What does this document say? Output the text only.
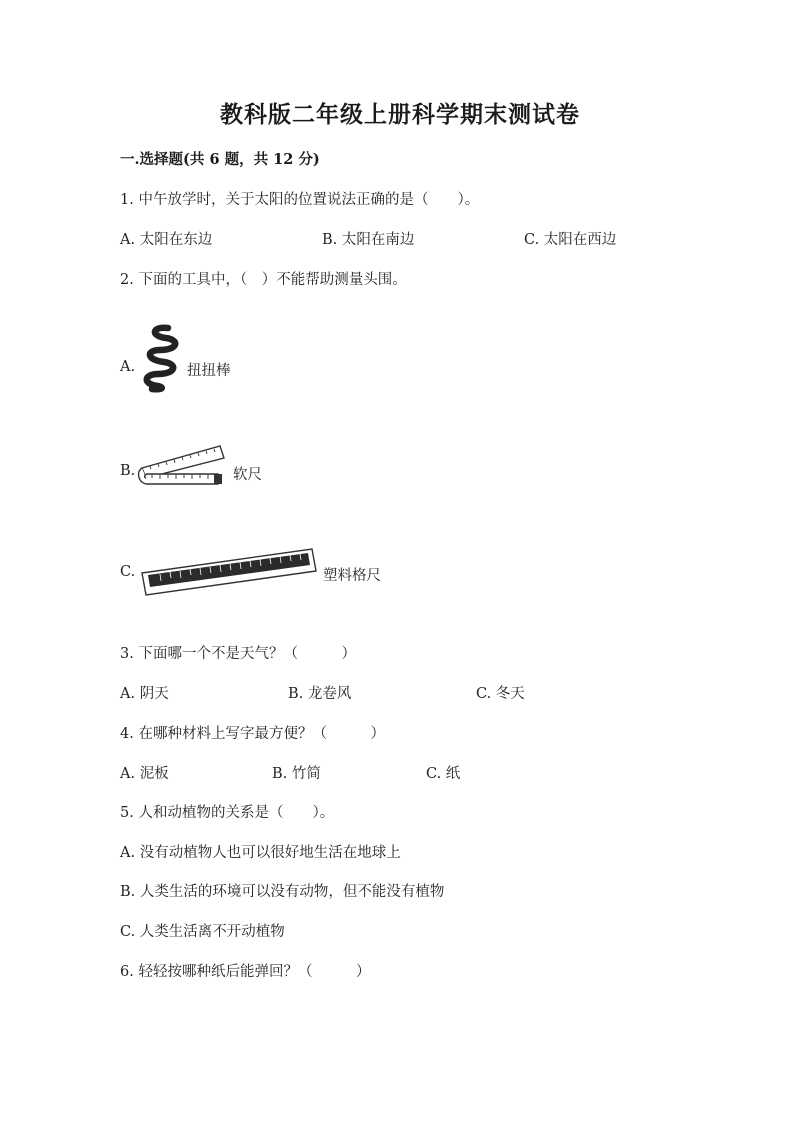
教科版二年级上册科学期末测试卷
一.选择题(共 6 题，共 12 分)
1. 中午放学时，关于太阳的位置说法正确的是（　　）。
A. 太阳在东边	B. 太阳在南边	C. 太阳在西边
2. 下面的工具中，（　）不能帮助测量头围。
A.	扭扭棒
B.	软尺
C.	塑料格尺
3. 下面哪一个不是天气？（　　　）
A. 阴天	B. 龙卷风	C. 冬天
4. 在哪种材料上写字最方便？（　　　）
A. 泥板	B. 竹简	C. 纸
5. 人和动植物的关系是（　　）。
A. 没有动植物人也可以很好地生活在地球上
B. 人类生活的环境可以没有动物，但不能没有植物
C. 人类生活离不开动植物
6. 轻轻按哪种纸后能弹回？（　　　）
